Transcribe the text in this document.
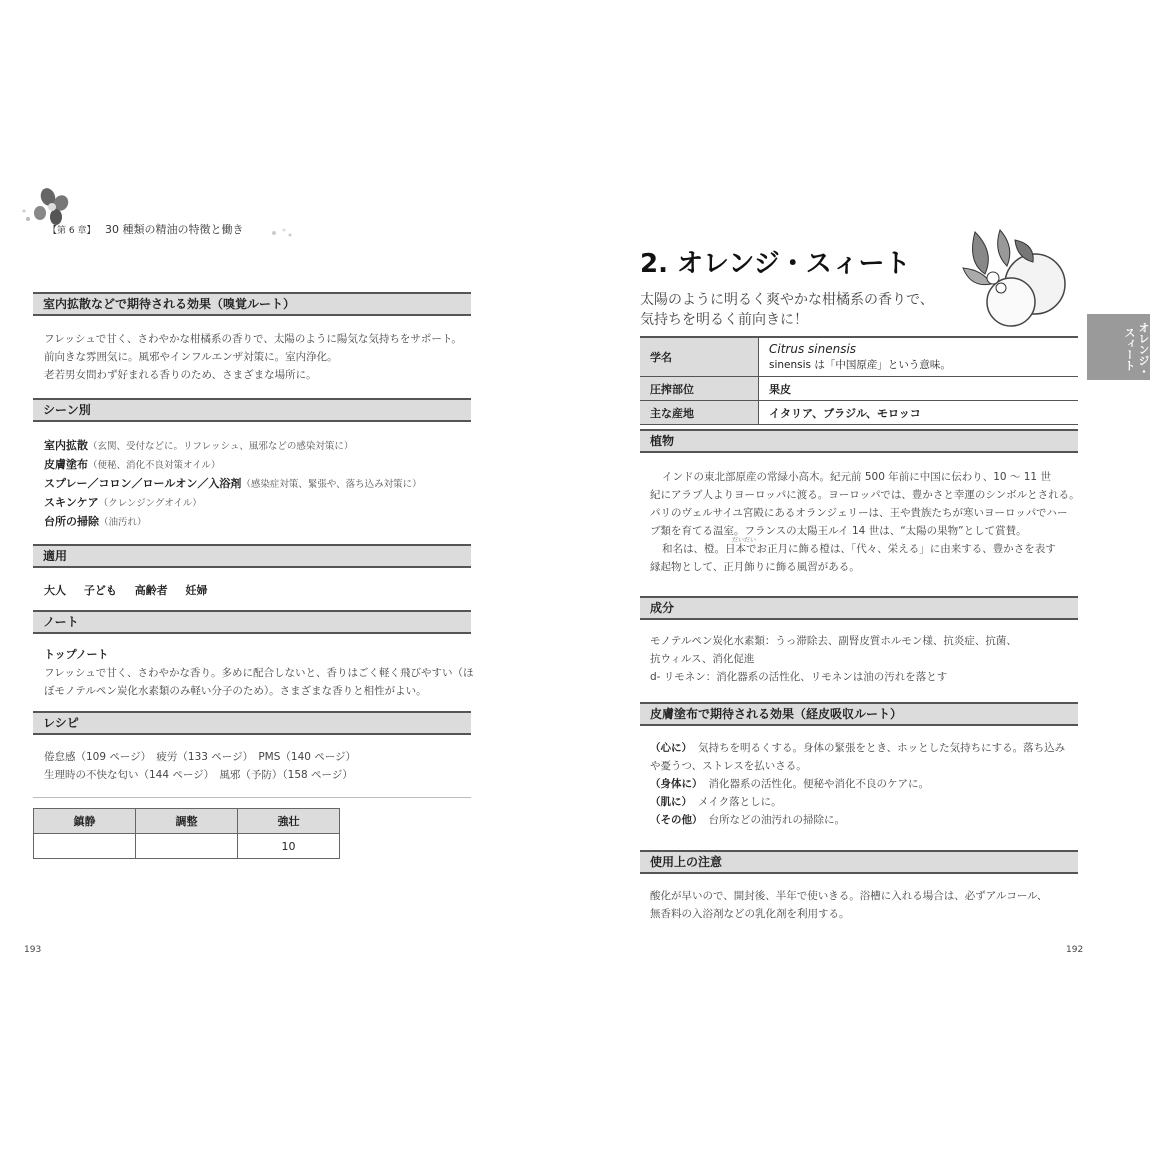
【第 6 章】 30 種類の精油の特徴と働き
室内拡散などで期待される効果（嗅覚ルート）
フレッシュで甘く、さわやかな柑橘系の香りで、太陽のように陽気な気持ちをサポート。
前向きな雰囲気に。風邪やインフルエンザ対策に。室内浄化。
老若男女問わず好まれる香りのため、さまざまな場所に。
シーン別
室内拡散（玄関、受付などに。リフレッシュ、風邪などの感染対策に）
皮膚塗布（便秘、消化不良対策オイル）
スプレー／コロン／ロールオン／入浴剤（感染症対策、緊張や、落ち込み対策に）
スキンケア（クレンジングオイル）
台所の掃除（油汚れ）
適用
大人 子ども 高齢者 妊婦
ノート
トップノート
フレッシュで甘く、さわやかな香り。多めに配合しないと、香りはごく軽く飛びやすい（ほ
ぼモノテルペン炭化水素類のみ軽い分子のため）。さまざまな香りと相性がよい。
レシピ
倦怠感（109 ページ）　疲労（133 ページ）　PMS（140 ページ）
生理時の不快な匂い（144 ページ）　風邪（予防）（158 ページ）
鎮静	調整	強壮
		10
193
2. オレンジ・スィート
太陽のように明るく爽やかな柑橘系の香りで、
気持ちを明るく前向きに！
オレンジ・スィート
学名	Citrus sinensis
sinensis は「中国原産」という意味。

圧搾部位	果皮
主な産地	イタリア、ブラジル、モロッコ
植物
インドの東北部原産の常緑小高木。紀元前 500 年前に中国に伝わり、10 ～ 11 世
紀にアラブ人よりヨーロッパに渡る。ヨーロッパでは、豊かさと幸運のシンボルとされる。
パリのヴェルサイユ宮殿にあるオランジェリーは、王や貴族たちが寒いヨーロッパでハー
ブ類を育てる温室。フランスの太陽王ルイ 14 世は、“太陽の果物”として賞賛。
和名は、橙。日本でお正月に飾る橙は、「代々、栄える」に由来する、豊かさを表す
だいだい
縁起物として、正月飾りに飾る風習がある。
成分
モノテルペン炭化水素類：うっ滞除去、副腎皮質ホルモン様、抗炎症、抗菌、
抗ウィルス、消化促進
d- リモネン：消化器系の活性化、リモネンは油の汚れを落とす
皮膚塗布で期待される効果（経皮吸収ルート）
（心に） 気持ちを明るくする。身体の緊張をとき、ホッとした気持ちにする。落ち込み
や憂うつ、ストレスを払いさる。
（身体に） 消化器系の活性化。便秘や消化不良のケアに。
（肌に） メイク落としに。
（その他） 台所などの油汚れの掃除に。
使用上の注意
酸化が早いので、開封後、半年で使いきる。浴槽に入れる場合は、必ずアルコール、
無香料の入浴剤などの乳化剤を利用する。
192
